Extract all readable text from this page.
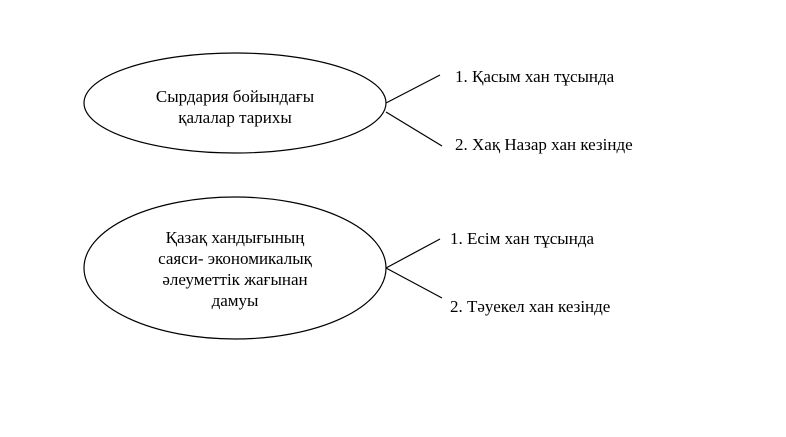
Сырдария бойындағы
қалалар тарихы
1. Қасым хан тұсында
2. Хақ Назар хан кезінде
Қазақ хандығының
саяси- экономикалық
әлеуметтік жағынан
дамуы
1. Есім хан тұсында
2. Тәуекел хан кезінде
